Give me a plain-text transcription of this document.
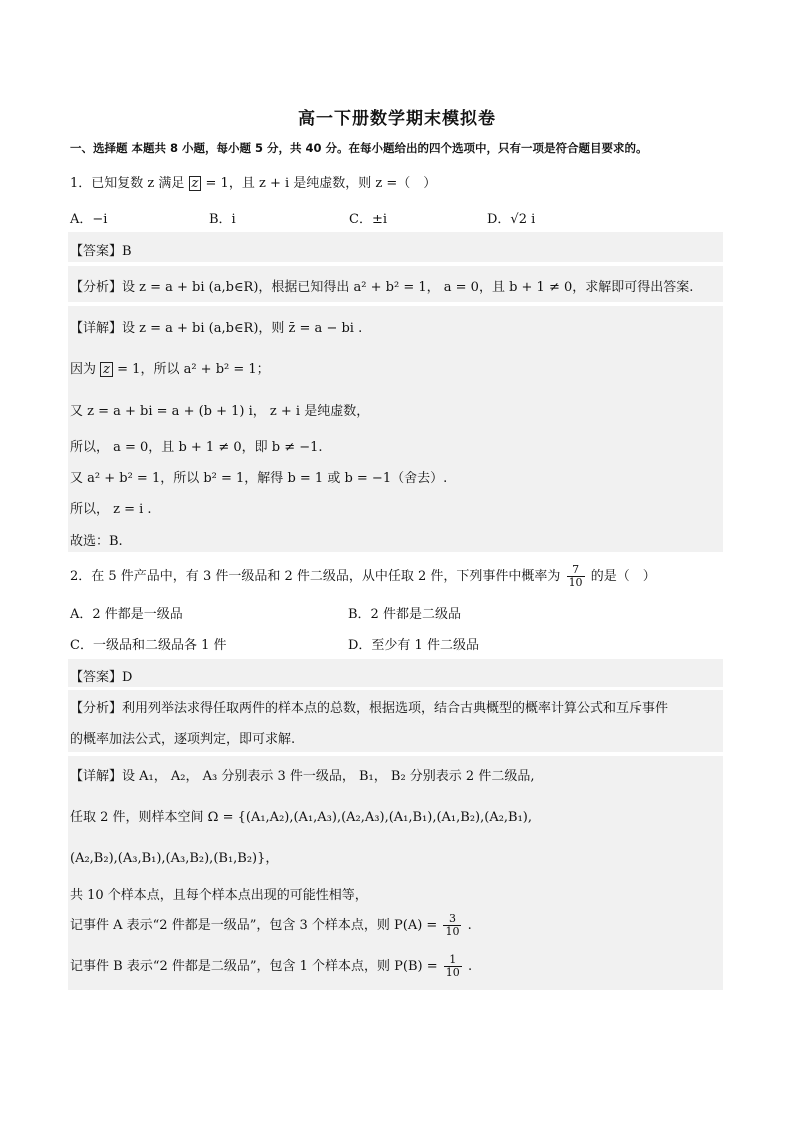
高一下册数学期末模拟卷
一、选择题 本题共 8 小题，每小题 5 分，共 40 分。在每小题给出的四个选项中，只有一项是符合题目要求的。
1．已知复数 z 满足 z = 1，且 z + i 是纯虚数，则 z =（　）
A．−i	B．i	C．±i	D．√2 i
【答案】B
【分析】设 z = a + bi (a,b∈R)，根据已知得出 a² + b² = 1， a = 0，且 b + 1 ≠ 0，求解即可得出答案.
【详解】设 z = a + bi (a,b∈R)，则 z̄ = a − bi .
因为 z = 1，所以 a² + b² = 1；
又 z = a + bi = a + (b + 1) i， z + i 是纯虚数，
所以， a = 0，且 b + 1 ≠ 0，即 b ≠ −1.
又 a² + b² = 1，所以 b² = 1，解得 b = 1 或 b = −1（舍去）.
所以， z = i .
故选：B.
2．在 5 件产品中，有 3 件一级品和 2 件二级品，从中任取 2 件，下列事件中概率为 $\frac{7}{10}$ 的是（　）
A．2 件都是一级品	B．2 件都是二级品
C．一级品和二级品各 1 件	D．至少有 1 件二级品
【答案】D
【分析】利用列举法求得任取两件的样本点的总数，根据选项，结合古典概型的概率计算公式和互斥事件
的概率加法公式，逐项判定，即可求解.
【详解】设 A₁， A₂， A₃ 分别表示 3 件一级品， B₁， B₂ 分别表示 2 件二级品,
任取 2 件，则样本空间 Ω = {(A₁,A₂),(A₁,A₃),(A₂,A₃),(A₁,B₁),(A₁,B₂),(A₂,B₁),
(A₂,B₂),(A₃,B₁),(A₃,B₂),(B₁,B₂)}，
共 10 个样本点，且每个样本点出现的可能性相等，
记事件 A 表示“2 件都是一级品”，包含 3 个样本点，则 $P(A) = \frac{3}{10}$ .
记事件 B 表示“2 件都是二级品”，包含 1 个样本点，则 $P(B) = \frac{1}{10}$ .
